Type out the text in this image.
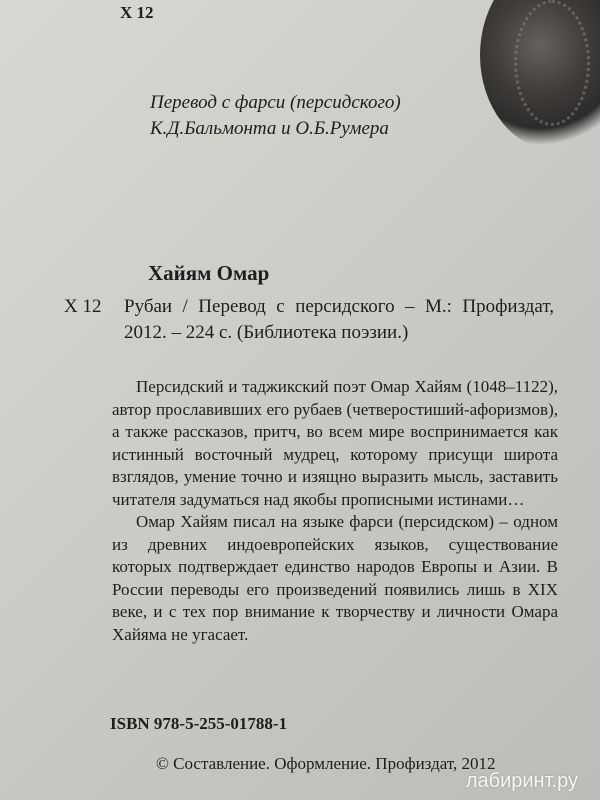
Х 12
Перевод с фарси (персидского)
К.Д.Бальмонта и О.Б.Румера
Хайям Омар
Х 12 Рубаи / Перевод с персидского – М.: Профиздат, 2012. – 224 с. (Библиотека поэзии.)

Персидский и таджикский поэт Омар Хайям (1048–1122), автор прославивших его рубаев (четверостиший-афоризмов), а также рассказов, притч, во всем мире воспринимается как истинный восточный мудрец, которому присущи широта взглядов, умение точно и изящно выразить мысль, заставить читателя задуматься над якобы прописными истинами…

Омар Хайям писал на языке фарси (персидском) – одном из древних индоевропейских языков, существование которых подтверждает единство народов Европы и Азии. В России переводы его произведений появились лишь в XIX веке, и с тех пор внимание к творчеству и личности Омара Хайяма не угасает.

ISBN 978-5-255-01788-1
© Составление. Оформление. Профиздат, 2012
лабиринт.ру
